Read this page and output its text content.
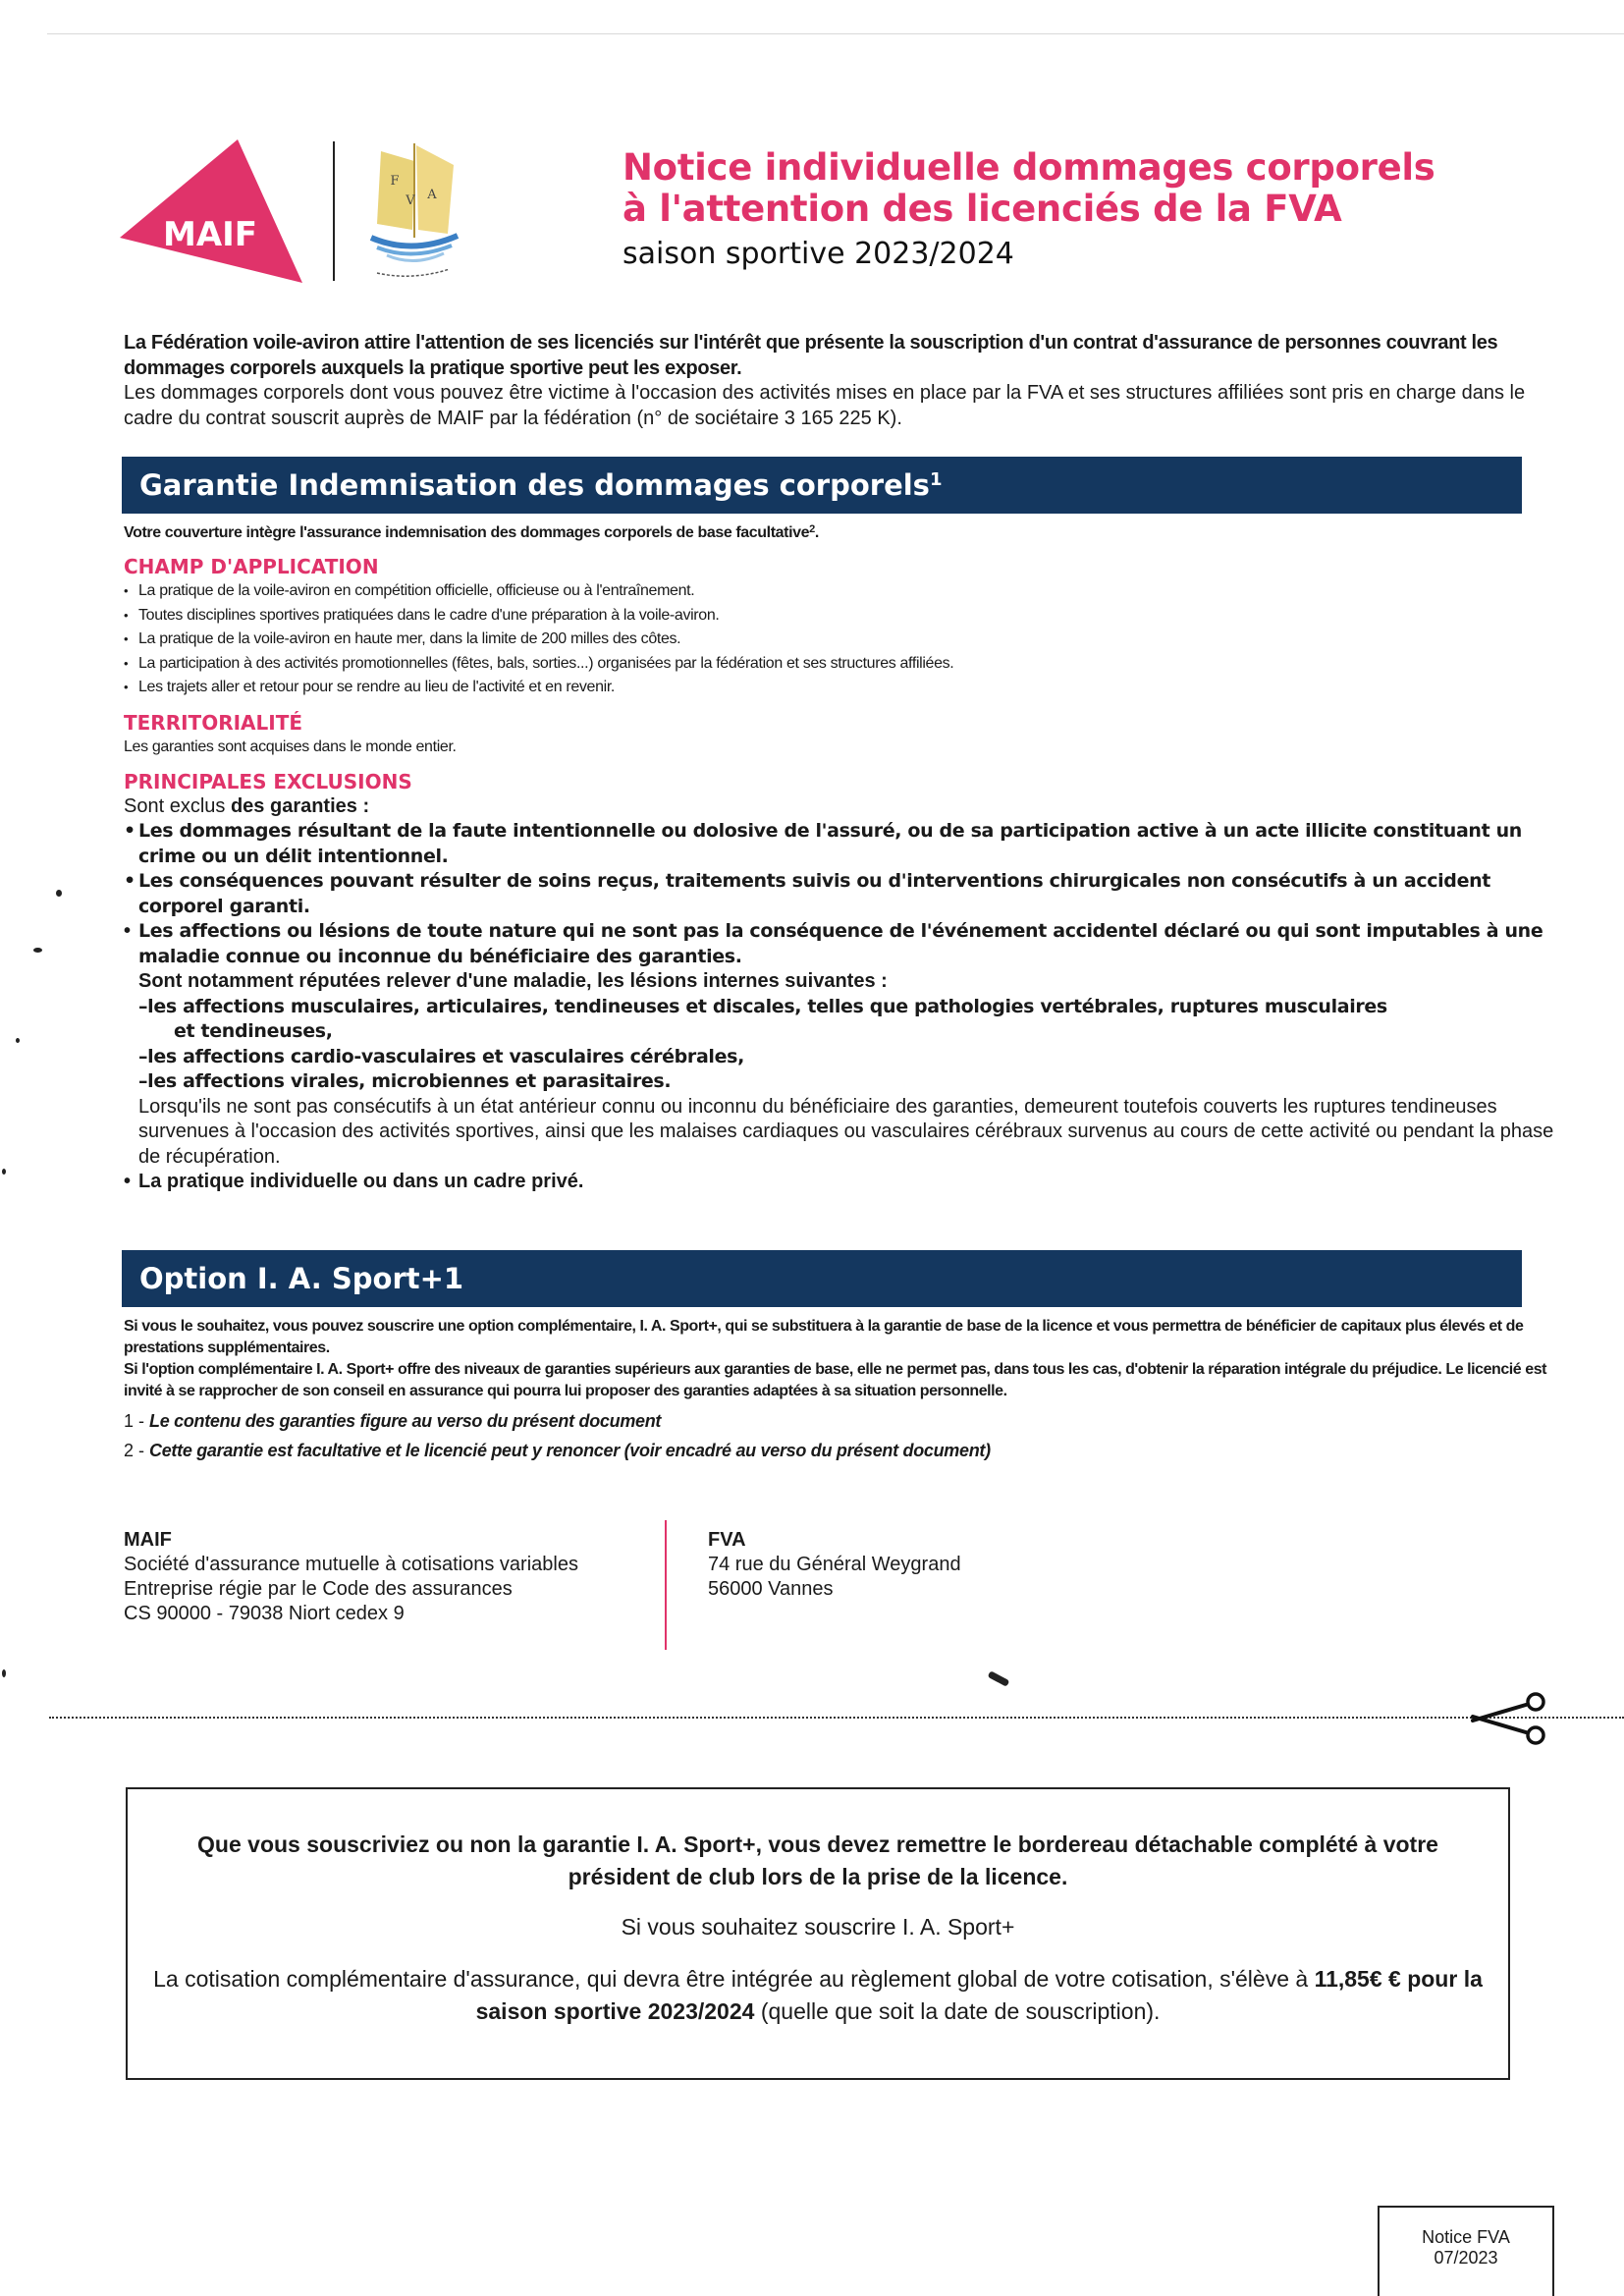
MAIF
F
V A
Notice individuelle dommages corporels
à l'attention des licenciés de la FVA
saison sportive 2023/2024
La Fédération voile-aviron attire l'attention de ses licenciés sur l'intérêt que présente la souscription d'un contrat d'assurance de personnes couvrant les dommages corporels auxquels la pratique sportive peut les exposer.
Les dommages corporels dont vous pouvez être victime à l'occasion des activités mises en place par la FVA et ses structures affiliées sont pris en charge dans le cadre du contrat souscrit auprès de MAIF par la fédération (n° de sociétaire 3 165 225 K).
Garantie Indemnisation des dommages corporels$^1$
Votre couverture intègre l'assurance indemnisation des dommages corporels de base facultative$^2$.
CHAMP D'APPLICATION
• La pratique de la voile-aviron en compétition officielle, officieuse ou à l'entraînement.
• Toutes disciplines sportives pratiquées dans le cadre d'une préparation à la voile-aviron.
• La pratique de la voile-aviron en haute mer, dans la limite de 200 milles des côtes.
• La participation à des activités promotionnelles (fêtes, bals, sorties...) organisées par la fédération et ses structures affiliées.
• Les trajets aller et retour pour se rendre au lieu de l'activité et en revenir.
TERRITORIALITÉ
Les garanties sont acquises dans le monde entier.
PRINCIPALES EXCLUSIONS
Sont exclus des garanties :
• Les dommages résultant de la faute intentionnelle ou dolosive de l'assuré, ou de sa participation active à un acte illicite constituant un crime ou un délit intentionnel.
• Les conséquences pouvant résulter de soins reçus, traitements suivis ou d'interventions chirurgicales non consécutifs à un accident corporel garanti.
• Les affections ou lésions de toute nature qui ne sont pas la conséquence de l'événement accidentel déclaré ou qui sont imputables à une maladie connue ou inconnue du bénéficiaire des garanties.
Sont notamment réputées relever d'une maladie, les lésions internes suivantes :
–les affections musculaires, articulaires, tendineuses et discales, telles que pathologies vertébrales, ruptures musculaires
et tendineuses,
–les affections cardio-vasculaires et vasculaires cérébrales,
–les affections virales, microbiennes et parasitaires.
Lorsqu'ils ne sont pas consécutifs à un état antérieur connu ou inconnu du bénéficiaire des garanties, demeurent toutefois couverts les ruptures tendineuses survenues à l'occasion des activités sportives, ainsi que les malaises cardiaques ou vasculaires cérébraux survenus au cours de cette activité ou pendant la phase de récupération.
• La pratique individuelle ou dans un cadre privé.
Option I. A. Sport+1
Si vous le souhaitez, vous pouvez souscrire une option complémentaire, I. A. Sport+, qui se substituera à la garantie de base de la licence et vous permettra de bénéficier de capitaux plus élevés et de prestations supplémentaires.
Si l'option complémentaire I. A. Sport+ offre des niveaux de garanties supérieurs aux garanties de base, elle ne permet pas, dans tous les cas, d'obtenir la réparation intégrale du préjudice. Le licencié est invité à se rapprocher de son conseil en assurance qui pourra lui proposer des garanties adaptées à sa situation personnelle.
1 - Le contenu des garanties figure au verso du présent document
2 - Cette garantie est facultative et le licencié peut y renoncer (voir encadré au verso du présent document)
MAIF
Société d'assurance mutuelle à cotisations variables
Entreprise régie par le Code des assurances
CS 90000 - 79038 Niort cedex 9
FVA
74 rue du Général Weygrand
56000 Vannes
Que vous souscriviez ou non la garantie I. A. Sport+, vous devez remettre le bordereau détachable complété à votre président de club lors de la prise de la licence.
Si vous souhaitez souscrire I. A. Sport+
La cotisation complémentaire d'assurance, qui devra être intégrée au règlement global de votre cotisation, s'élève à 11,85€ € pour la saison sportive 2023/2024 (quelle que soit la date de souscription).
Notice FVA
07/2023
